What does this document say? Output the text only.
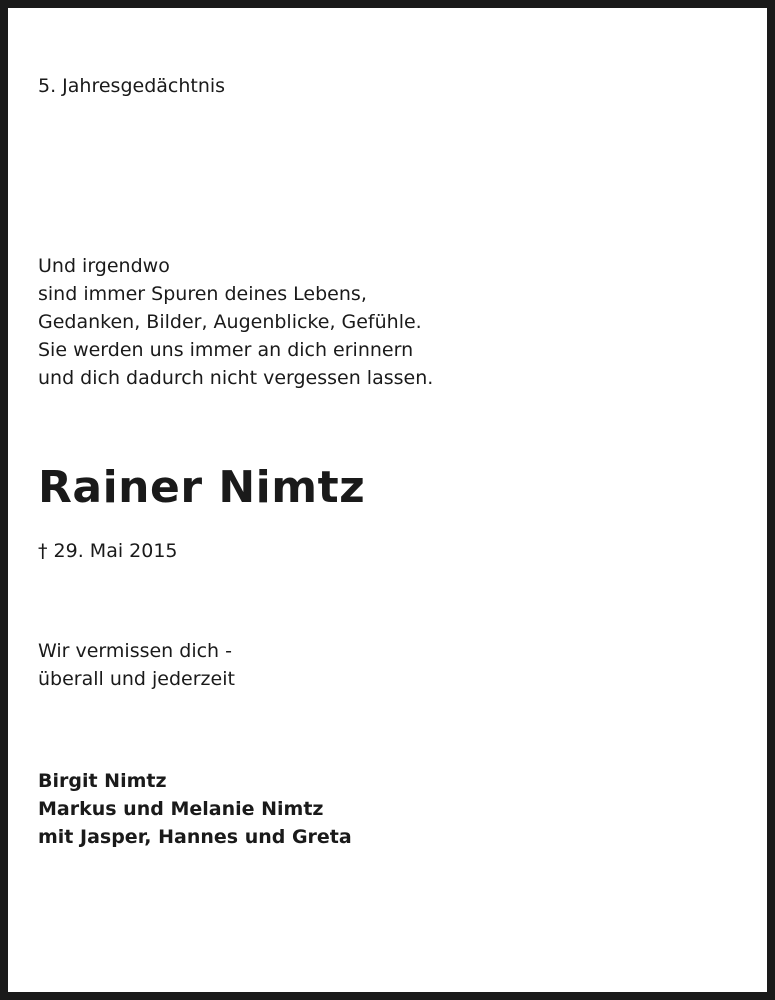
5. Jahresgedächtnis

Und irgendwo
sind immer Spuren deines Lebens,
Gedanken, Bilder, Augenblicke, Gefühle.
Sie werden uns immer an dich erinnern
und dich dadurch nicht vergessen lassen.

Rainer Nimtz

† 29. Mai 2015

Wir vermissen dich -
überall und jederzeit
Birgit Nimtz
Markus und Melanie Nimtz
mit Jasper, Hannes und Greta
